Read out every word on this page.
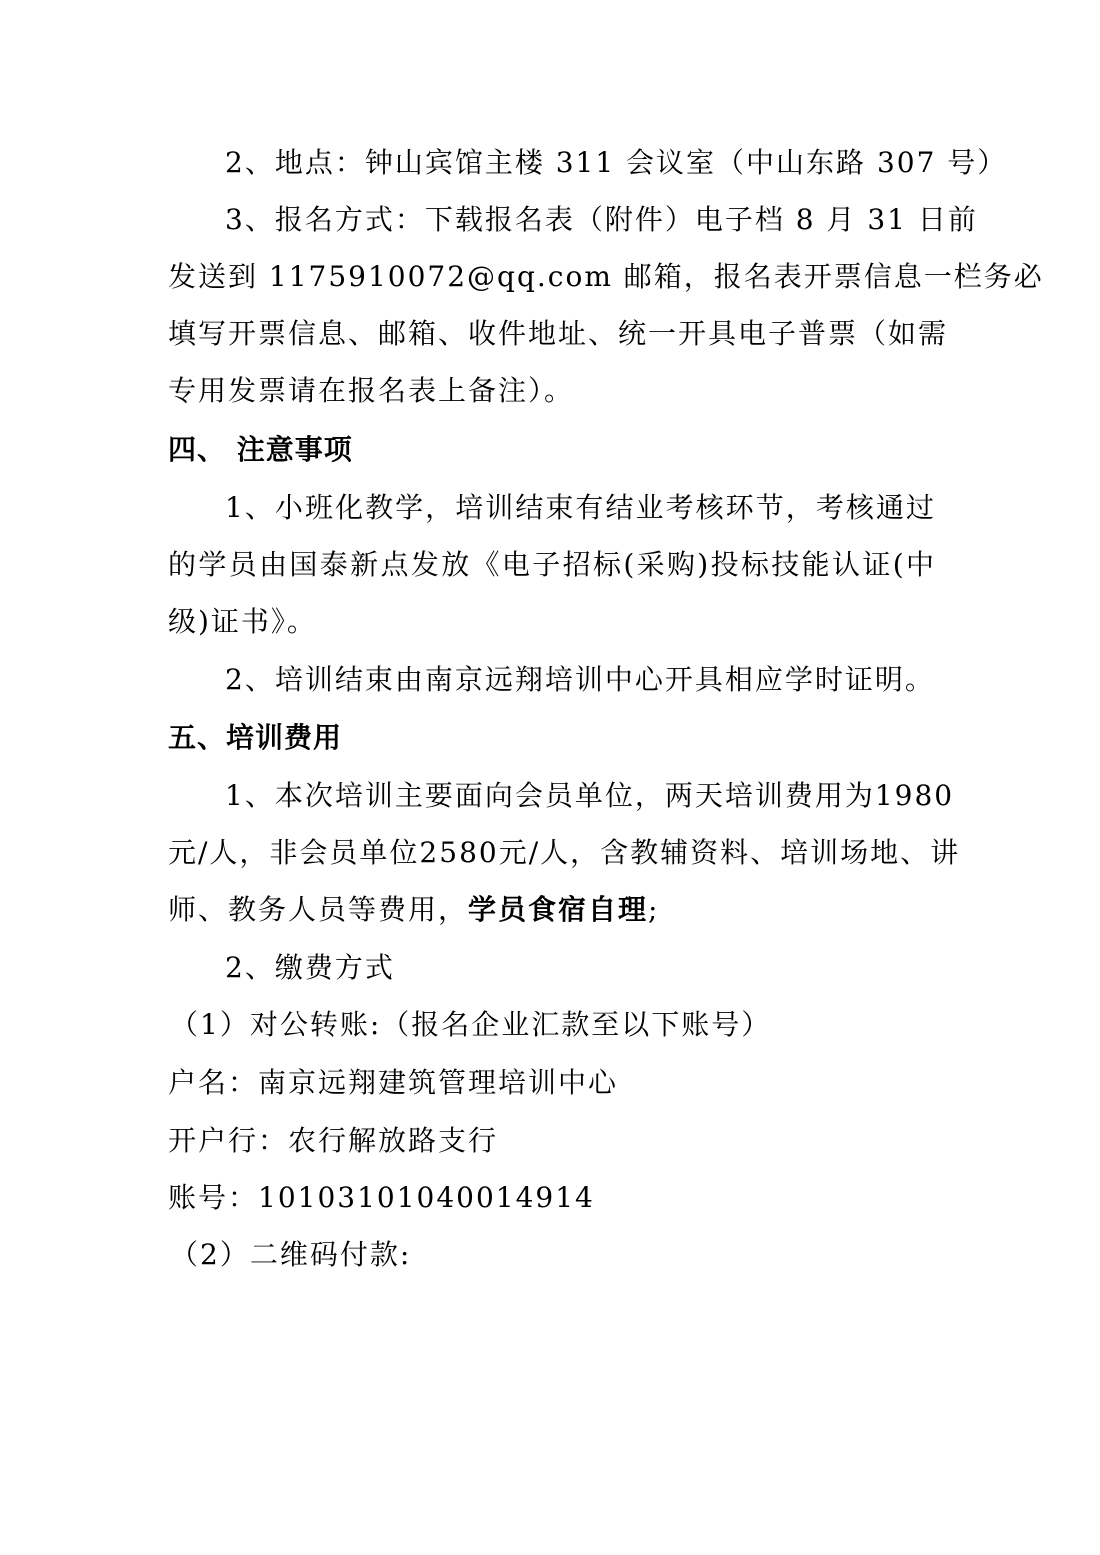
2、地点：钟山宾馆主楼 311 会议室（中山东路 307 号）
3、报名方式：下载报名表（附件）电子档 8 月 31 日前
发送到 1175910072@qq.com 邮箱，报名表开票信息一栏务必
填写开票信息、邮箱、收件地址、统一开具电子普票（如需
专用发票请在报名表上备注）。
四、 注意事项
1、小班化教学，培训结束有结业考核环节，考核通过
的学员由国泰新点发放《电子招标(采购)投标技能认证(中
级)证书》。
2、培训结束由南京远翔培训中心开具相应学时证明。
五、培训费用
1、本次培训主要面向会员单位，两天培训费用为1980
元/人，非会员单位2580元/人，含教辅资料、培训场地、讲
师、教务人员等费用，学员食宿自理;
2、缴费方式
（1）对公转账:（报名企业汇款至以下账号）
户名：南京远翔建筑管理培训中心
开户行：农行解放路支行
账号：10103101040014914
（2）二维码付款:
